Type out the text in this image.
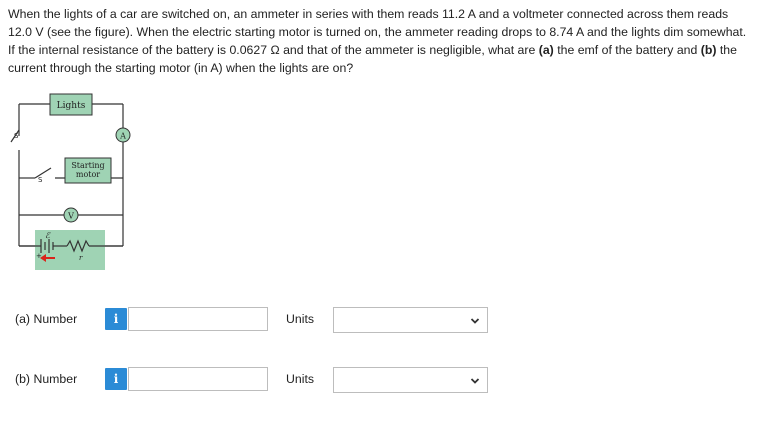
When the lights of a car are switched on, an ammeter in series with them reads 11.2 A and a voltmeter connected across them reads 12.0 V (see the figure). When the electric starting motor is turned on, the ammeter reading drops to 8.74 A and the lights dim somewhat. If the internal resistance of the battery is 0.0627 Ω and that of the ammeter is negligible, what are (a) the emf of the battery and (b) the current through the starting motor (in A) when the lights are on?
Lights
Starting
motor
A
V
S
S
ℰ
r
+
(a) Number	i	Units
(b) Number	i	Units
